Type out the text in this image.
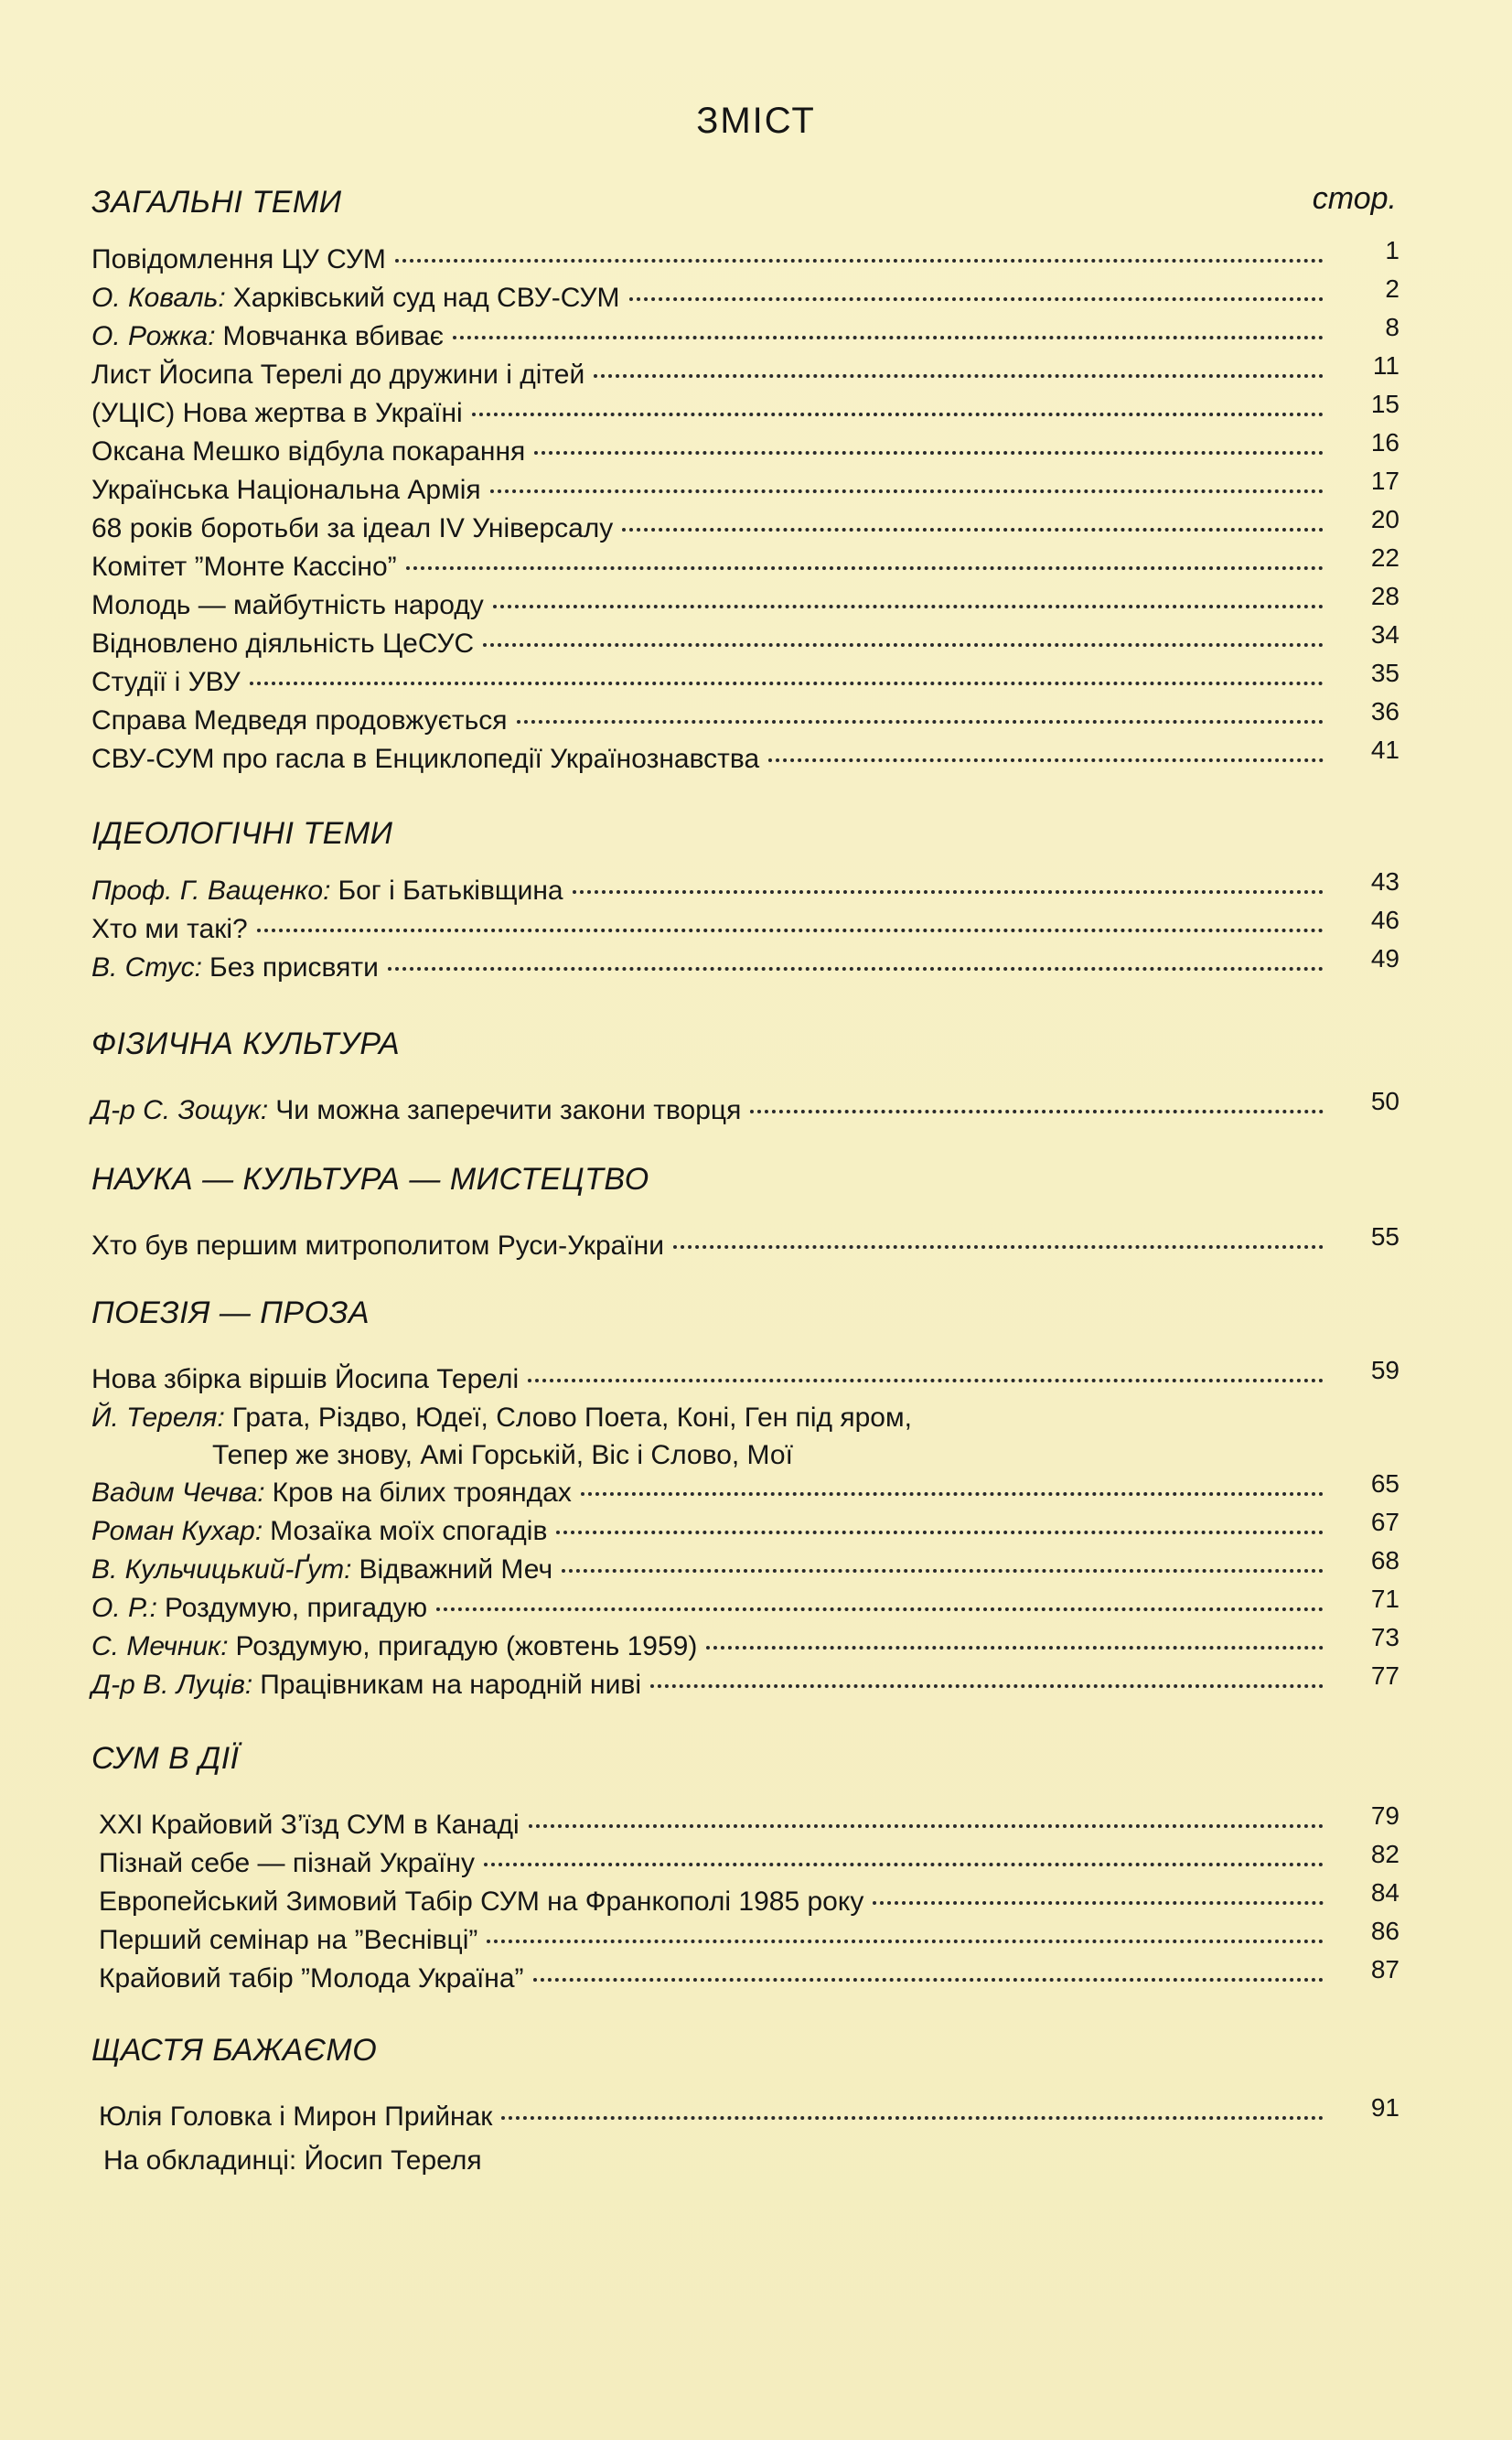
ЗМІСТ
стор.
ЗАГАЛЬНІ ТЕМИ
Повідомлення ЦУ СУМ	1
О. Коваль: Харківський суд над СВУ-СУМ	2
О. Рожка: Мовчанка вбиває	8
Лист Йосипа Терелі до дружини і дітей	11
(УЦІС) Нова жертва в Україні	15
Оксана Мешко відбула покарання	16
Українська Національна Армія	17
68 років боротьби за ідеал IV Універсалу	20
Комітет ”Монте Кассіно”	22
Молодь — майбутність народу	28
Відновлено діяльність ЦеСУС	34
Студії і УВУ	35
Справа Медведя продовжується	36
СВУ-СУМ про гасла в Енциклопедії Українознавства	41
ІДЕОЛОГІЧНІ ТЕМИ
Проф. Г. Ващенко: Бог і Батьківщина	43
Хто ми такі?	46
В. Стус: Без присвяти	49
ФІЗИЧНА КУЛЬТУРА
Д-р С. Зощук: Чи можна заперечити закони творця	50
НАУКА — КУЛЬТУРА — МИСТЕЦТВО
Хто був першим митрополитом Руси-України	55
ПОЕЗІЯ — ПРОЗА
Нова збірка віршів Йосипа Терелі	59
Й. Тереля: Грата, Різдво, Юдеї, Слово Поета, Коні, Ген під яром,
Тепер же знову, Амі Горській, Віс і Слово, Мої
Вадим Чечва: Кров на білих трояндах	65
Роман Кухар: Мозаїка моїх спогадів	67
В. Кульчицький-Ґут: Відважний Меч	68
О. Р.: Роздумую, пригадую	71
С. Мечник: Роздумую, пригадую (жовтень 1959)	73
Д-р В. Луців: Працівникам на народній ниві	77
СУМ В ДІЇ
ХХІ Крайовий З’їзд СУМ в Канаді	79
Пізнай себе — пізнай Україну	82
Европейський Зимовий Табір СУМ на Франкополі 1985 року	84
Перший семінар на ”Веснівці”	86
Крайовий табір ”Молода Україна”	87
ЩАСТЯ БАЖАЄМО
Юлія Головка і Мирон Прийнак	91
На обкладинці: Йосип Тереля
